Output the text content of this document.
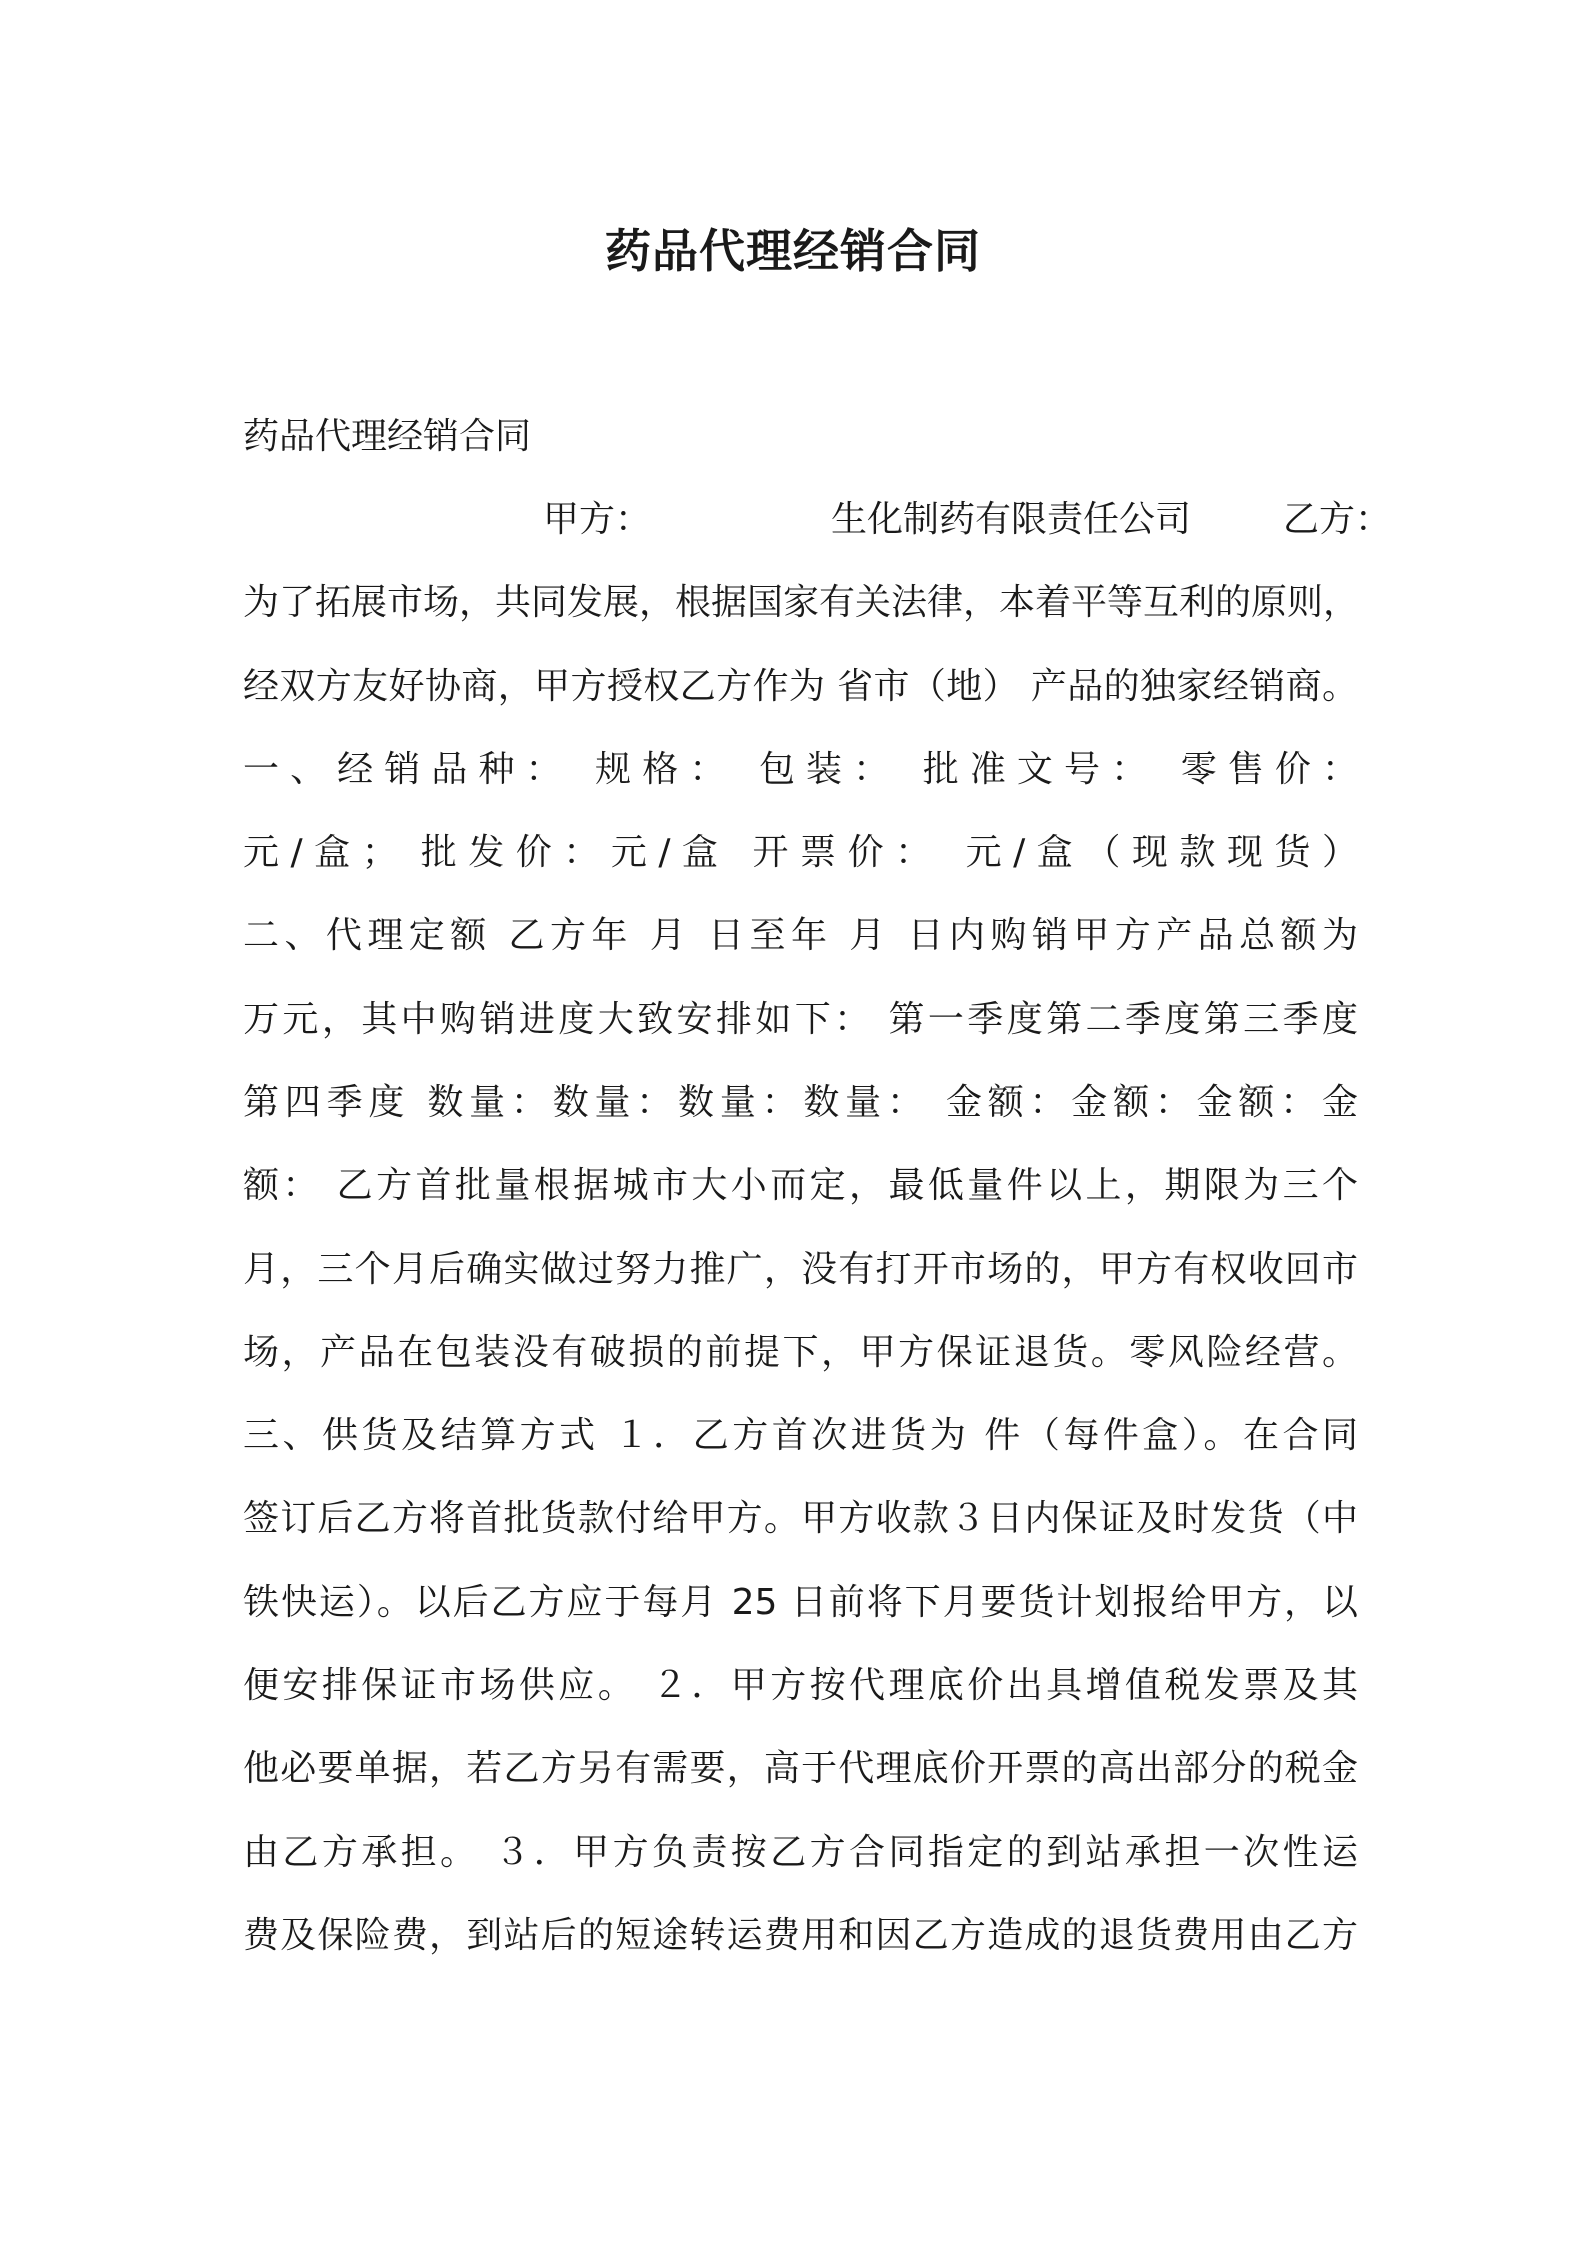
药品代理经销合同
药品代理经销合同
甲方：	生化制药有限责任公司	乙方：
为了拓展市场，共同发展，根据国家有关法律，本着平等互利的原则，
经双方友好协商，甲方授权乙方作为 省市（地） 产品的独家经销商。
一、经销品种： 规格： 包装： 批准文号： 零售价：
元/盒； 批发价：元/盒 开票价： 元/盒（现款现货）
二、代理定额 乙方年 月 日至年 月 日内购销甲方产品总额为
万元，其中购销进度大致安排如下： 第一季度第二季度第三季度
第四季度 数量：数量：数量：数量： 金额：金额：金额：金
额： 乙方首批量根据城市大小而定，最低量件以上，期限为三个
月，三个月后确实做过努力推广，没有打开市场的，甲方有权收回市
场，产品在包装没有破损的前提下，甲方保证退货。零风险经营。
三、供货及结算方式 １．乙方首次进货为 件（每件盒）。在合同
签订后乙方将首批货款付给甲方。甲方收款３日内保证及时发货（中
铁快运）。以后乙方应于每月 25 日前将下月要货计划报给甲方，以
便安排保证市场供应。 ２．甲方按代理底价出具增值税发票及其
他必要单据，若乙方另有需要，高于代理底价开票的高出部分的税金
由乙方承担。 ３．甲方负责按乙方合同指定的到站承担一次性运
费及保险费，到站后的短途转运费用和因乙方造成的退货费用由乙方
